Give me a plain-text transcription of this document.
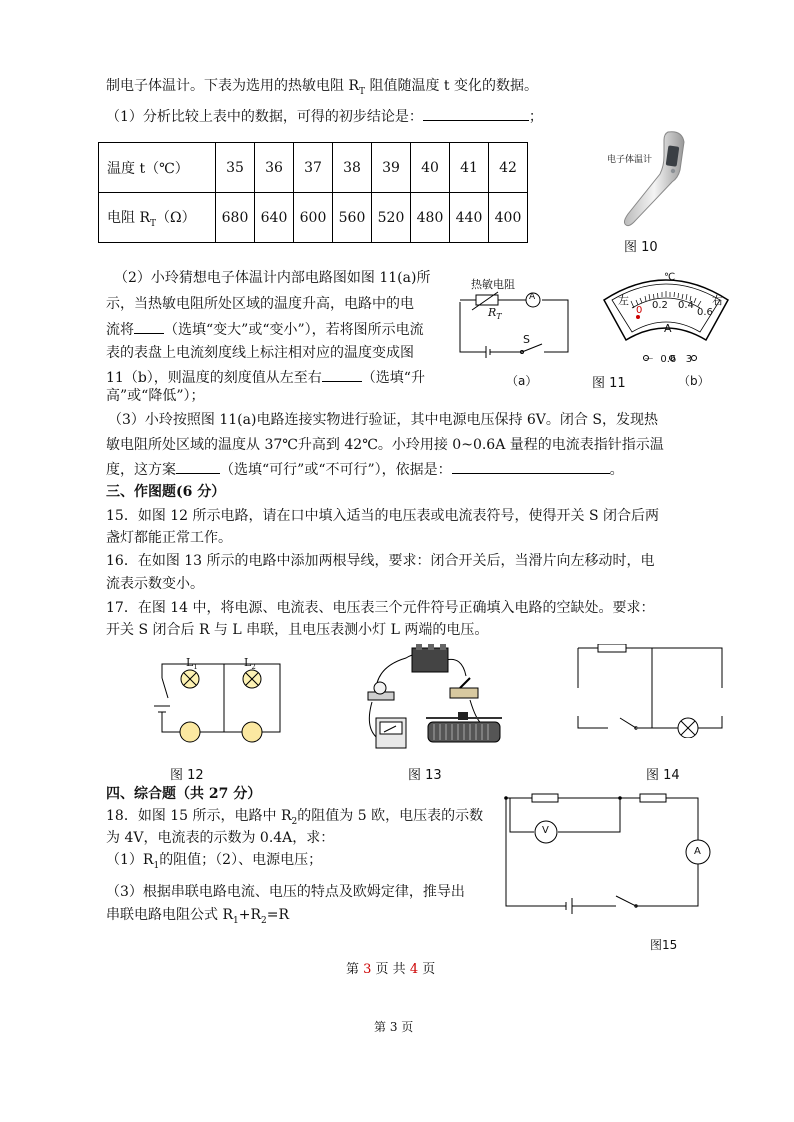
制电子体温计。下表为选用的热敏电阻 $R_T$ 阻值随温度 t 变化的数据。
（1）分析比较上表中的数据，可得的初步结论是：	；
温度 t（℃）	35	36	37	38	39	40	41	42
电阻 $R_T(\Omega)$	680	640	600	560	520	480	440	400
电子体温计
图 10
（2）小玲猜想电子体温计内部电路图如图 11(a)所
示，当热敏电阻所处区域的温度升高，电路中的电
流将 （选填“变大”或“变小”），若将图所示电流
表的表盘上电流刻度线上标注相对应的温度变成图
11（b），则温度的刻度值从左至右	（选填“升
高”或“降低”）；
热敏电阻
A
$R_T$
S
（a）	图 11	（b）
℃
左	右
0 0.2 0.4
0.6
A
－  0.6   3
（3）小玲按照图 11(a)电路连接实物进行验证，其中电源电压保持 6V。闭合 S，发现热
敏电阻所处区域的温度从 37℃升高到 42℃。小玲用接 0~0.6A 量程的电流表指针指示温
度，这方案	（选填“可行”或“不可行”），依据是：	。
三、作图题(6 分）
15．如图 12 所示电路，请在口中填入适当的电压表或电流表符号，使得开关 S 闭合后两
盏灯都能正常工作。
16．在如图 13 所示的电路中添加两根导线，要求：闭合开关后，当滑片向左移动时，电
流表示数变小。
17．在图 14 中，将电源、电流表、电压表三个元件符号正确填入电路的空缺处。要求：
开关 S 闭合后 R 与 L 串联，且电压表测小灯 L 两端的电压。
$L_1$	$L_2$
图 12	图 13	图 14
四、综合题（共 27 分）
18．如图 15 所示，电路中 $R_2$的阻值为 5 欧，电压表的示数
为 4V，电流表的示数为 0.4A，求：
$(1)R_1$的阻值；（2）、电源电压；
（3）根据串联电路电流、电压的特点及欧姆定律，推导出
串联电路电阻公式 $R_1+R_2=R$
V
A
图15
第 3 页 共 4 页
第 3 页
